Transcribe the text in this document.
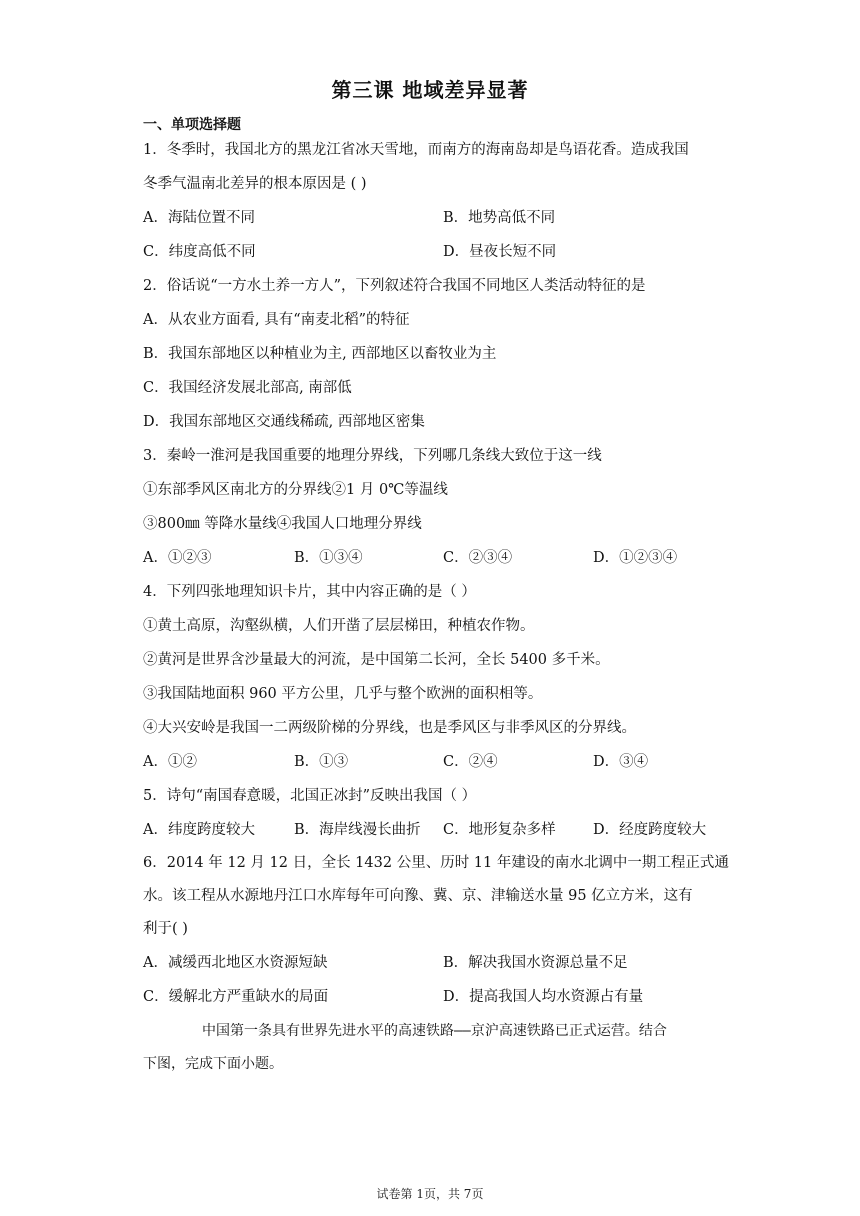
第三课 地域差异显著
一、单项选择题
1．冬季时，我国北方的黑龙江省冰天雪地，而南方的海南岛却是鸟语花香。造成我国
冬季气温南北差异的根本原因是 ( )
A．海陆位置不同	B．地势高低不同
C．纬度高低不同	D．昼夜长短不同
2．俗话说“一方水土养一方人”，下列叙述符合我国不同地区人类活动特征的是
A．从农业方面看, 具有“南麦北稻”的特征
B．我国东部地区以种植业为主, 西部地区以畜牧业为主
C．我国经济发展北部高, 南部低
D．我国东部地区交通线稀疏, 西部地区密集
3．秦岭一淮河是我国重要的地理分界线，下列哪几条线大致位于这一线
①东部季风区南北方的分界线②1 月 0℃等温线
③800㎜ 等降水量线④我国人口地理分界线
A．①②③	B．①③④	C．②③④	D．①②③④
4．下列四张地理知识卡片，其中内容正确的是（ ）
①黄土高原，沟壑纵横，人们开凿了层层梯田，种植农作物。
②黄河是世界含沙量最大的河流，是中国第二长河，全长 5400 多千米。
③我国陆地面积 960 平方公里，几乎与整个欧洲的面积相等。
④大兴安岭是我国一二两级阶梯的分界线，也是季风区与非季风区的分界线。
A．①②	B．①③	C．②④	D．③④
5．诗句“南国春意暖，北国正冰封”反映出我国（ ）
A．纬度跨度较大	B．海岸线漫长曲折 C．地形复杂多样	D．经度跨度较大
6．2014 年 12 月 12 日，全长 1432 公里、历时 11 年建设的南水北调中一期工程正式通
水。该工程从水源地丹江口水库每年可向豫、冀、京、津输送水量 95 亿立方米，这有
利于( )
A．减缓西北地区水资源短缺	B．解决我国水资源总量不足
C．缓解北方严重缺水的局面	D．提高我国人均水资源占有量
中国第一条具有世界先进水平的高速铁路——京沪高速铁路已正式运营。结合
下图，完成下面小题。
试卷第 1页，共 7页
